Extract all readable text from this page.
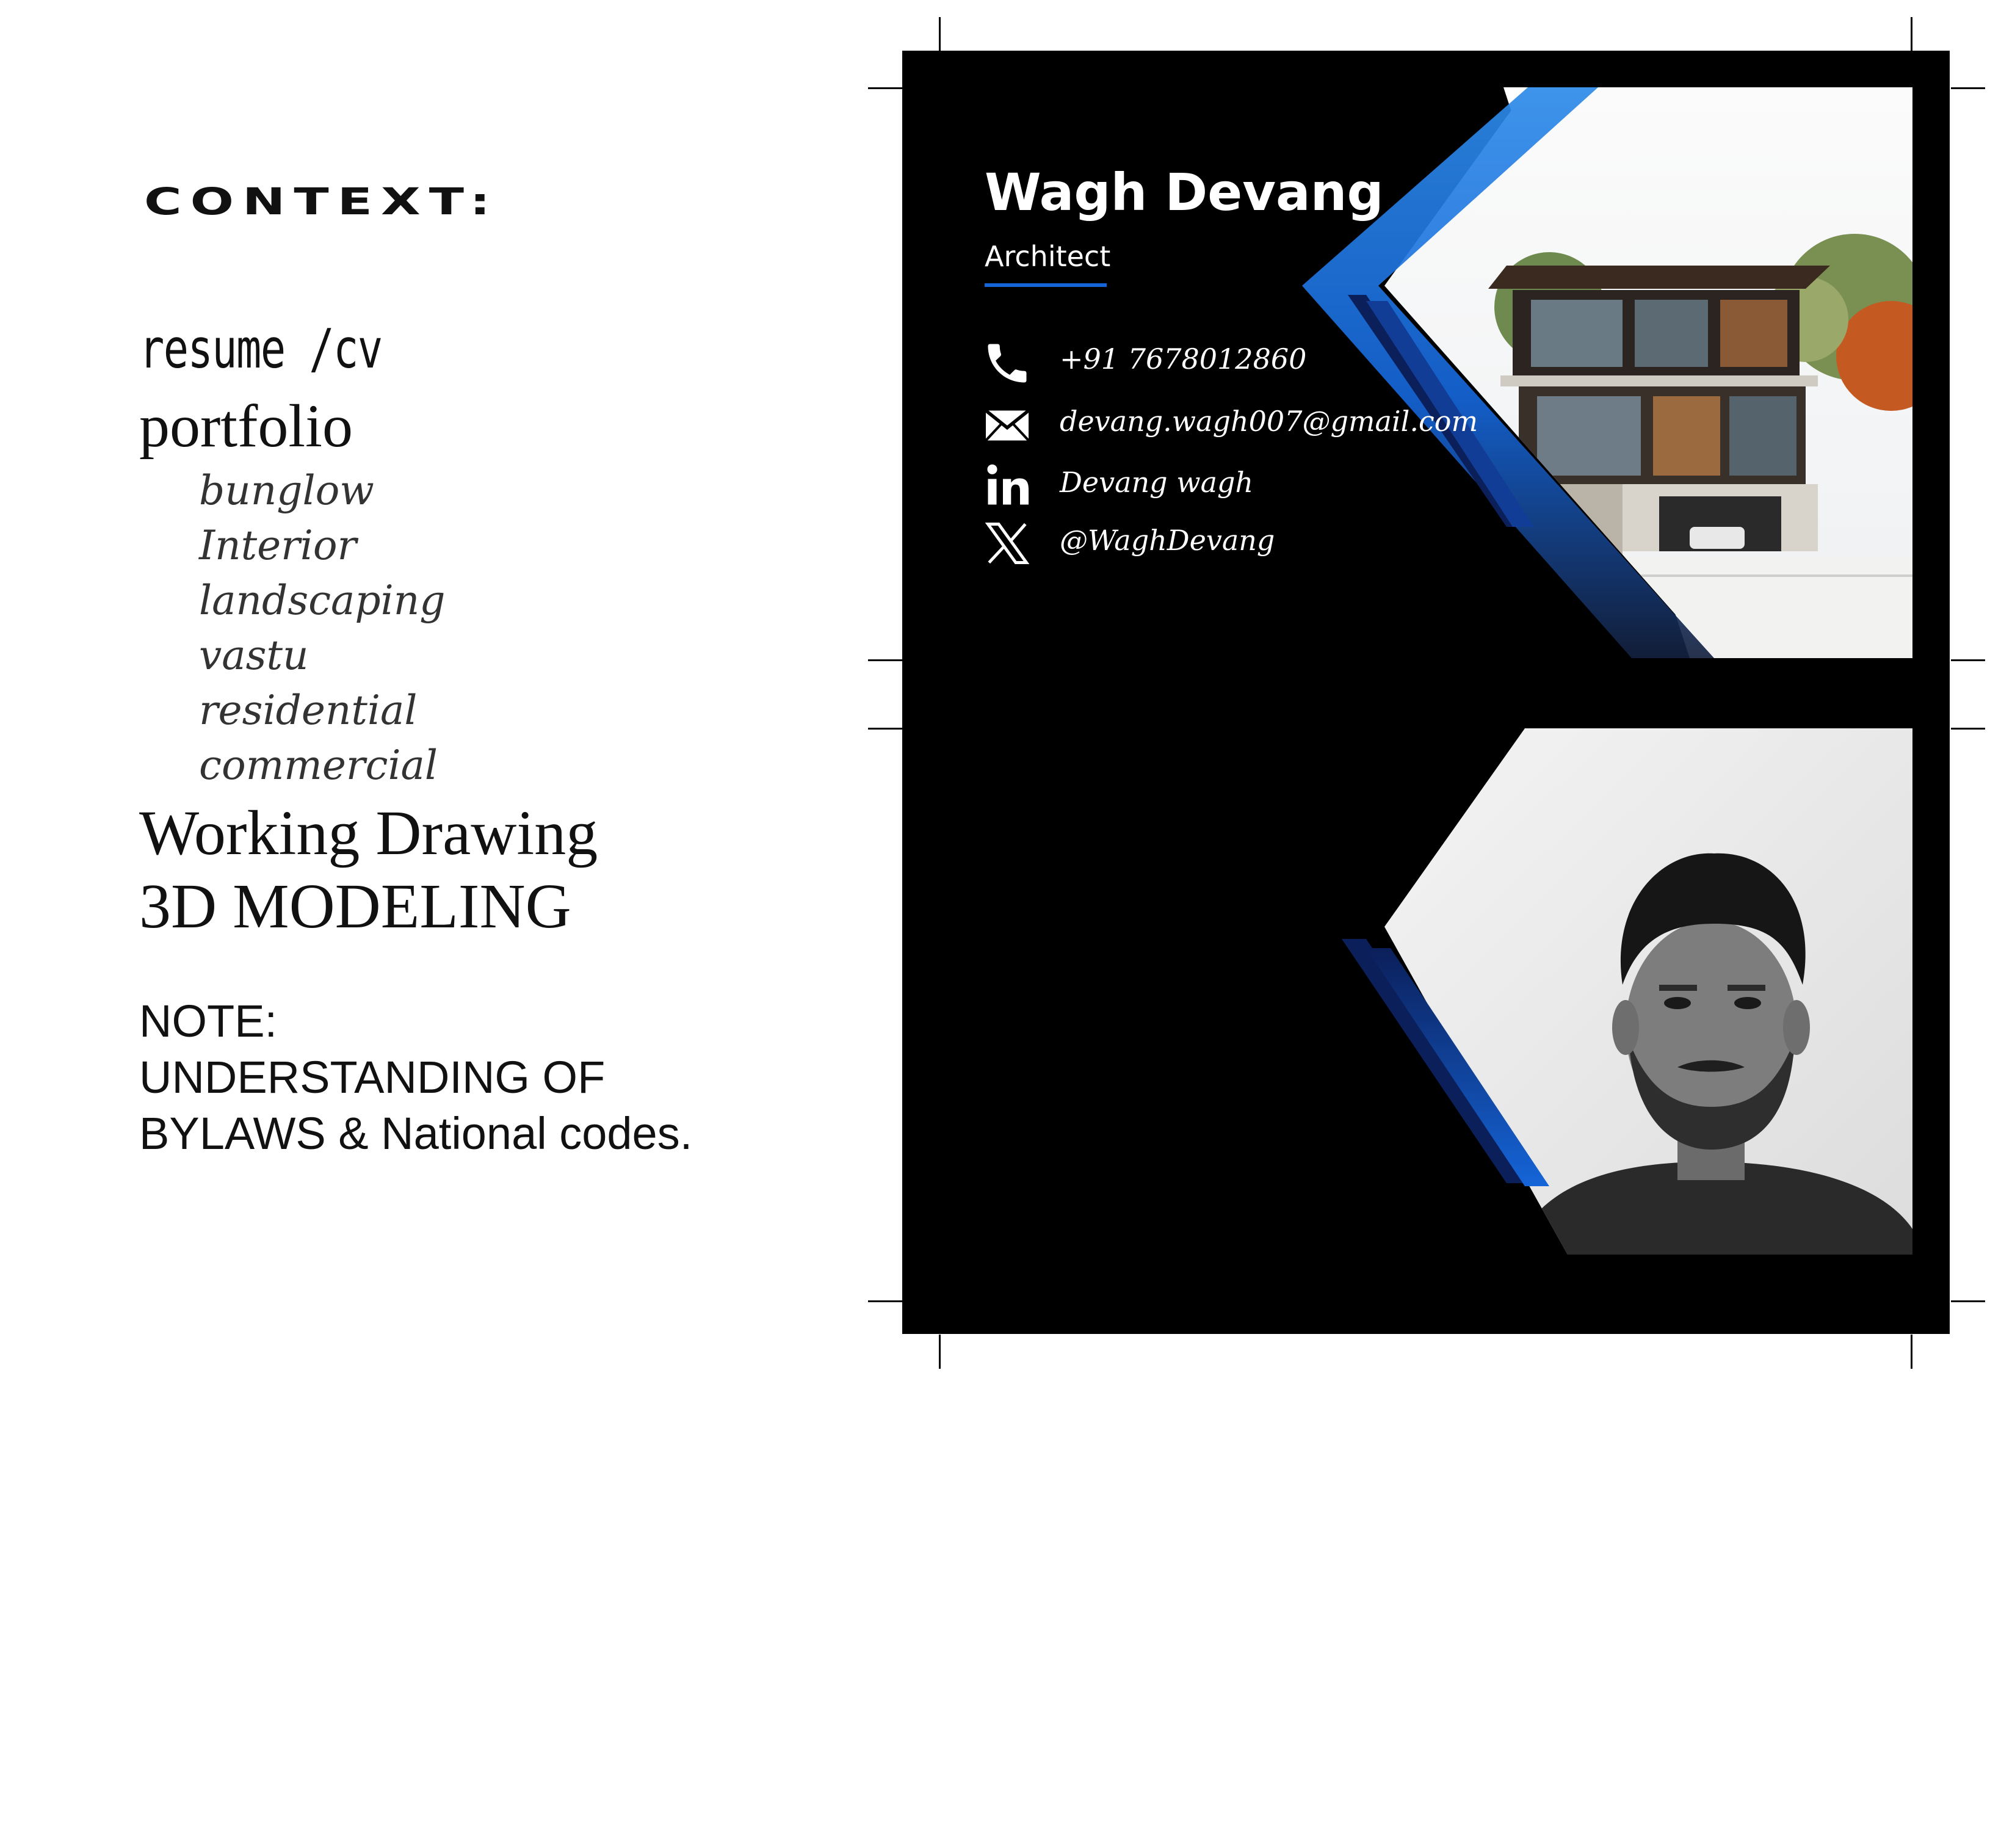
CONTEXT:
resume /cv
portfolio
bunglow
Interior
landscaping
vastu
residential
commercial
Working Drawing
3D MODELING
NOTE:
UNDERSTANDING OF
BYLAWS & National codes.
Wagh Devang
Architect
+91 7678012860
devang.wagh007@gmail.com
Devang wagh
@WaghDevang
Hello! I'm thrilled to
introduce you to a talented
young architect who is
shaping the world with their
creative vision and technical
prowess.
